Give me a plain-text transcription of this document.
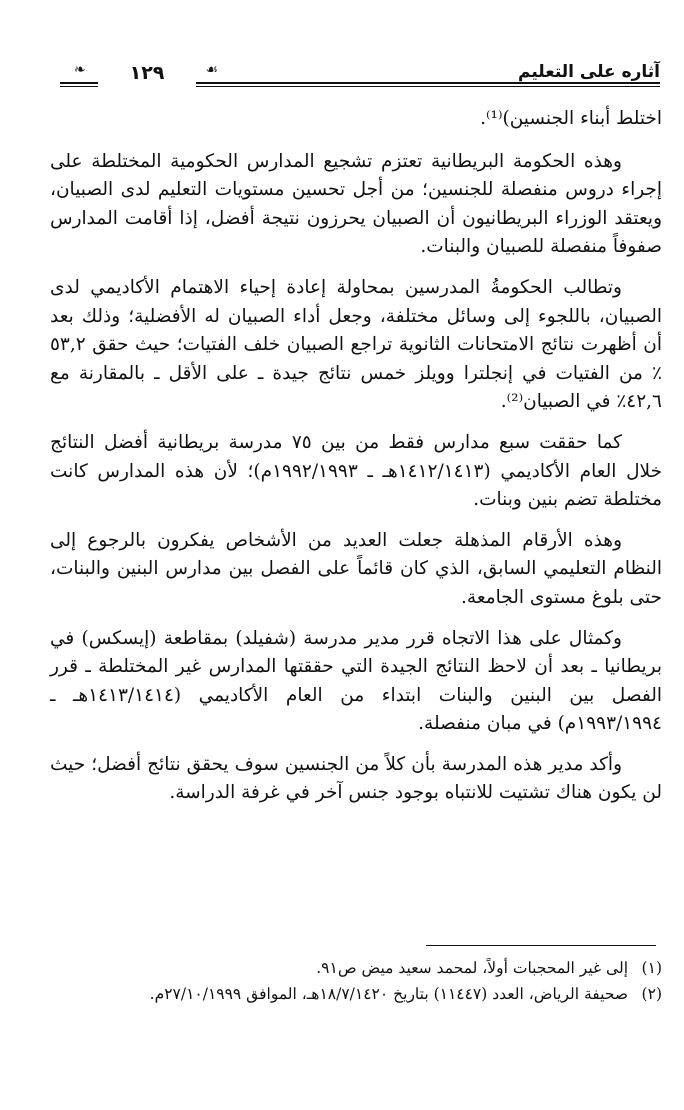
آثاره على التعليم
❧	١٢٩	☙

اختلط أبناء الجنسين)⁽¹⁾.

وهذه الحكومة البريطانية تعتزم تشجيع المدارس الحكومية المختلطة على إجراء دروس منفصلة للجنسين؛ من أجل تحسين مستويات التعليم لدى الصبيان، ويعتقد الوزراء البريطانيون أن الصبيان يحرزون نتيجة أفضل، إذا أقامت المدارس صفوفاً منفصلة للصبيان والبنات.

وتطالب الحكومةُ المدرسين بمحاولة إعادة إحياء الاهتمام الأكاديمي لدى الصبيان، باللجوء إلى وسائل مختلفة، وجعل أداء الصبيان له الأفضلية؛ وذلك بعد أن أظهرت نتائج الامتحانات الثانوية تراجع الصبيان خلف الفتيات؛ حيث حقق ٥٣,٢ ٪ من الفتيات في إنجلترا وويلز خمس نتائج جيدة ـ على الأقل ـ بالمقارنة مع ٤٢,٦٪ في الصبيان⁽²⁾.

كما حققت سبع مدارس فقط من بين ٧٥ مدرسة بريطانية أفضل النتائج خلال العام الأكاديمي (١٤١٢/١٤١٣هـ ـ ١٩٩٢/١٩٩٣م)؛ لأن هذه المدارس كانت مختلطة تضم بنين وبنات.

وهذه الأرقام المذهلة جعلت العديد من الأشخاص يفكرون بالرجوع إلى النظام التعليمي السابق، الذي كان قائماً على الفصل بين مدارس البنين والبنات، حتى بلوغ مستوى الجامعة.

وكمثال على هذا الاتجاه قرر مدير مدرسة (شفيلد) بمقاطعة (إيسكس) في بريطانيا ـ بعد أن لاحظ النتائج الجيدة التي حققتها المدارس غير المختلطة ـ قرر الفصل بين البنين والبنات ابتداء من العام الأكاديمي (١٤١٣/١٤١٤هـ ـ ١٩٩٣/١٩٩٤م) في مبان منفصلة.

وأكد مدير هذه المدرسة بأن كلاً من الجنسين سوف يحقق نتائج أفضل؛ حيث لن يكون هناك تشتيت للانتباه بوجود جنس آخر في غرفة الدراسة.

(١)
إلى غير المحجبات أولاً، لمحمد سعيد ميض ص٩١.

(٢)
صحيفة الرياض، العدد (١١٤٤٧) بتاريخ ١٨/٧/١٤٢٠هـ، الموافق ٢٧/١٠/١٩٩٩م.
